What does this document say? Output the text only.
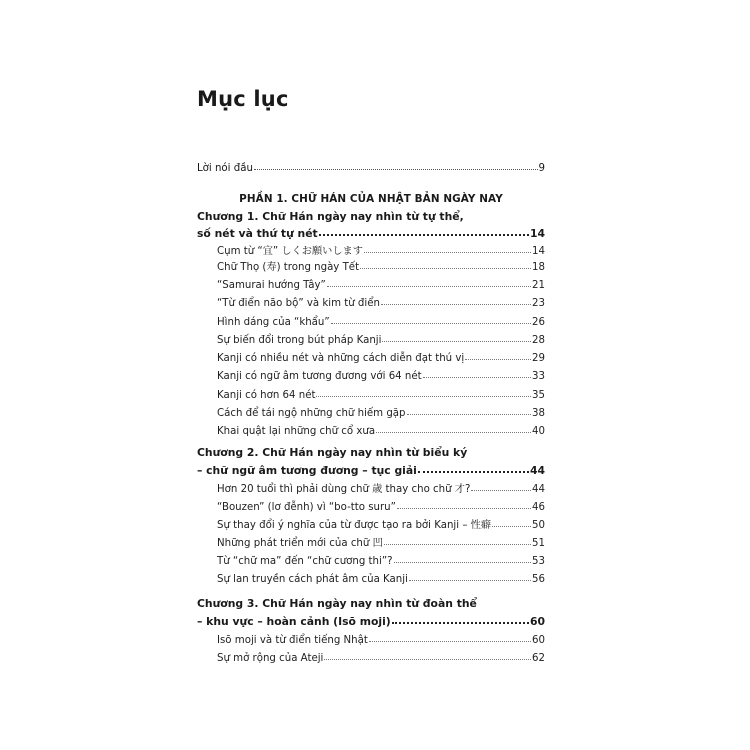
Mục lục
Lời nói đầu	9
PHẦN 1. CHỮ HÁN CỦA NHẬT BẢN NGÀY NAY
Chương 1. Chữ Hán ngày nay nhìn từ tự thể,
số nét và thứ tự nét	14
Cụm từ “宜” しくお願いします	14
Chữ Thọ (寿) trong ngày Tết	18
“Samurai hướng Tây”	21
“Từ điển não bộ” và kim từ điển	23
Hình dáng của “khẩu”	26
Sự biến đổi trong bút pháp Kanji	28
Kanji có nhiều nét và những cách diễn đạt thú vị	29
Kanji có ngữ âm tương đương với 64 nét	33
Kanji có hơn 64 nét	35
Cách để tái ngộ những chữ hiếm gặp	38
Khai quật lại những chữ cổ xưa	40
Chương 2. Chữ Hán ngày nay nhìn từ biểu ký
– chữ ngữ âm tương đương – tục giải	44
Hơn 20 tuổi thì phải dùng chữ 歳 thay cho chữ 才?	44
“Bouzen” (lơ đễnh) vì “bo-tto suru”	46
Sự thay đổi ý nghĩa của từ được tạo ra bởi Kanji – 性癖	50
Những phát triển mới của chữ 凹	51
Từ “chữ ma” đến “chữ cương thi”?	53
Sự lan truyền cách phát âm của Kanji	56
Chương 3. Chữ Hán ngày nay nhìn từ đoàn thể
– khu vực – hoàn cảnh (Isō moji)	60
Isō moji và từ điển tiếng Nhật	60
Sự mở rộng của Ateji	62
